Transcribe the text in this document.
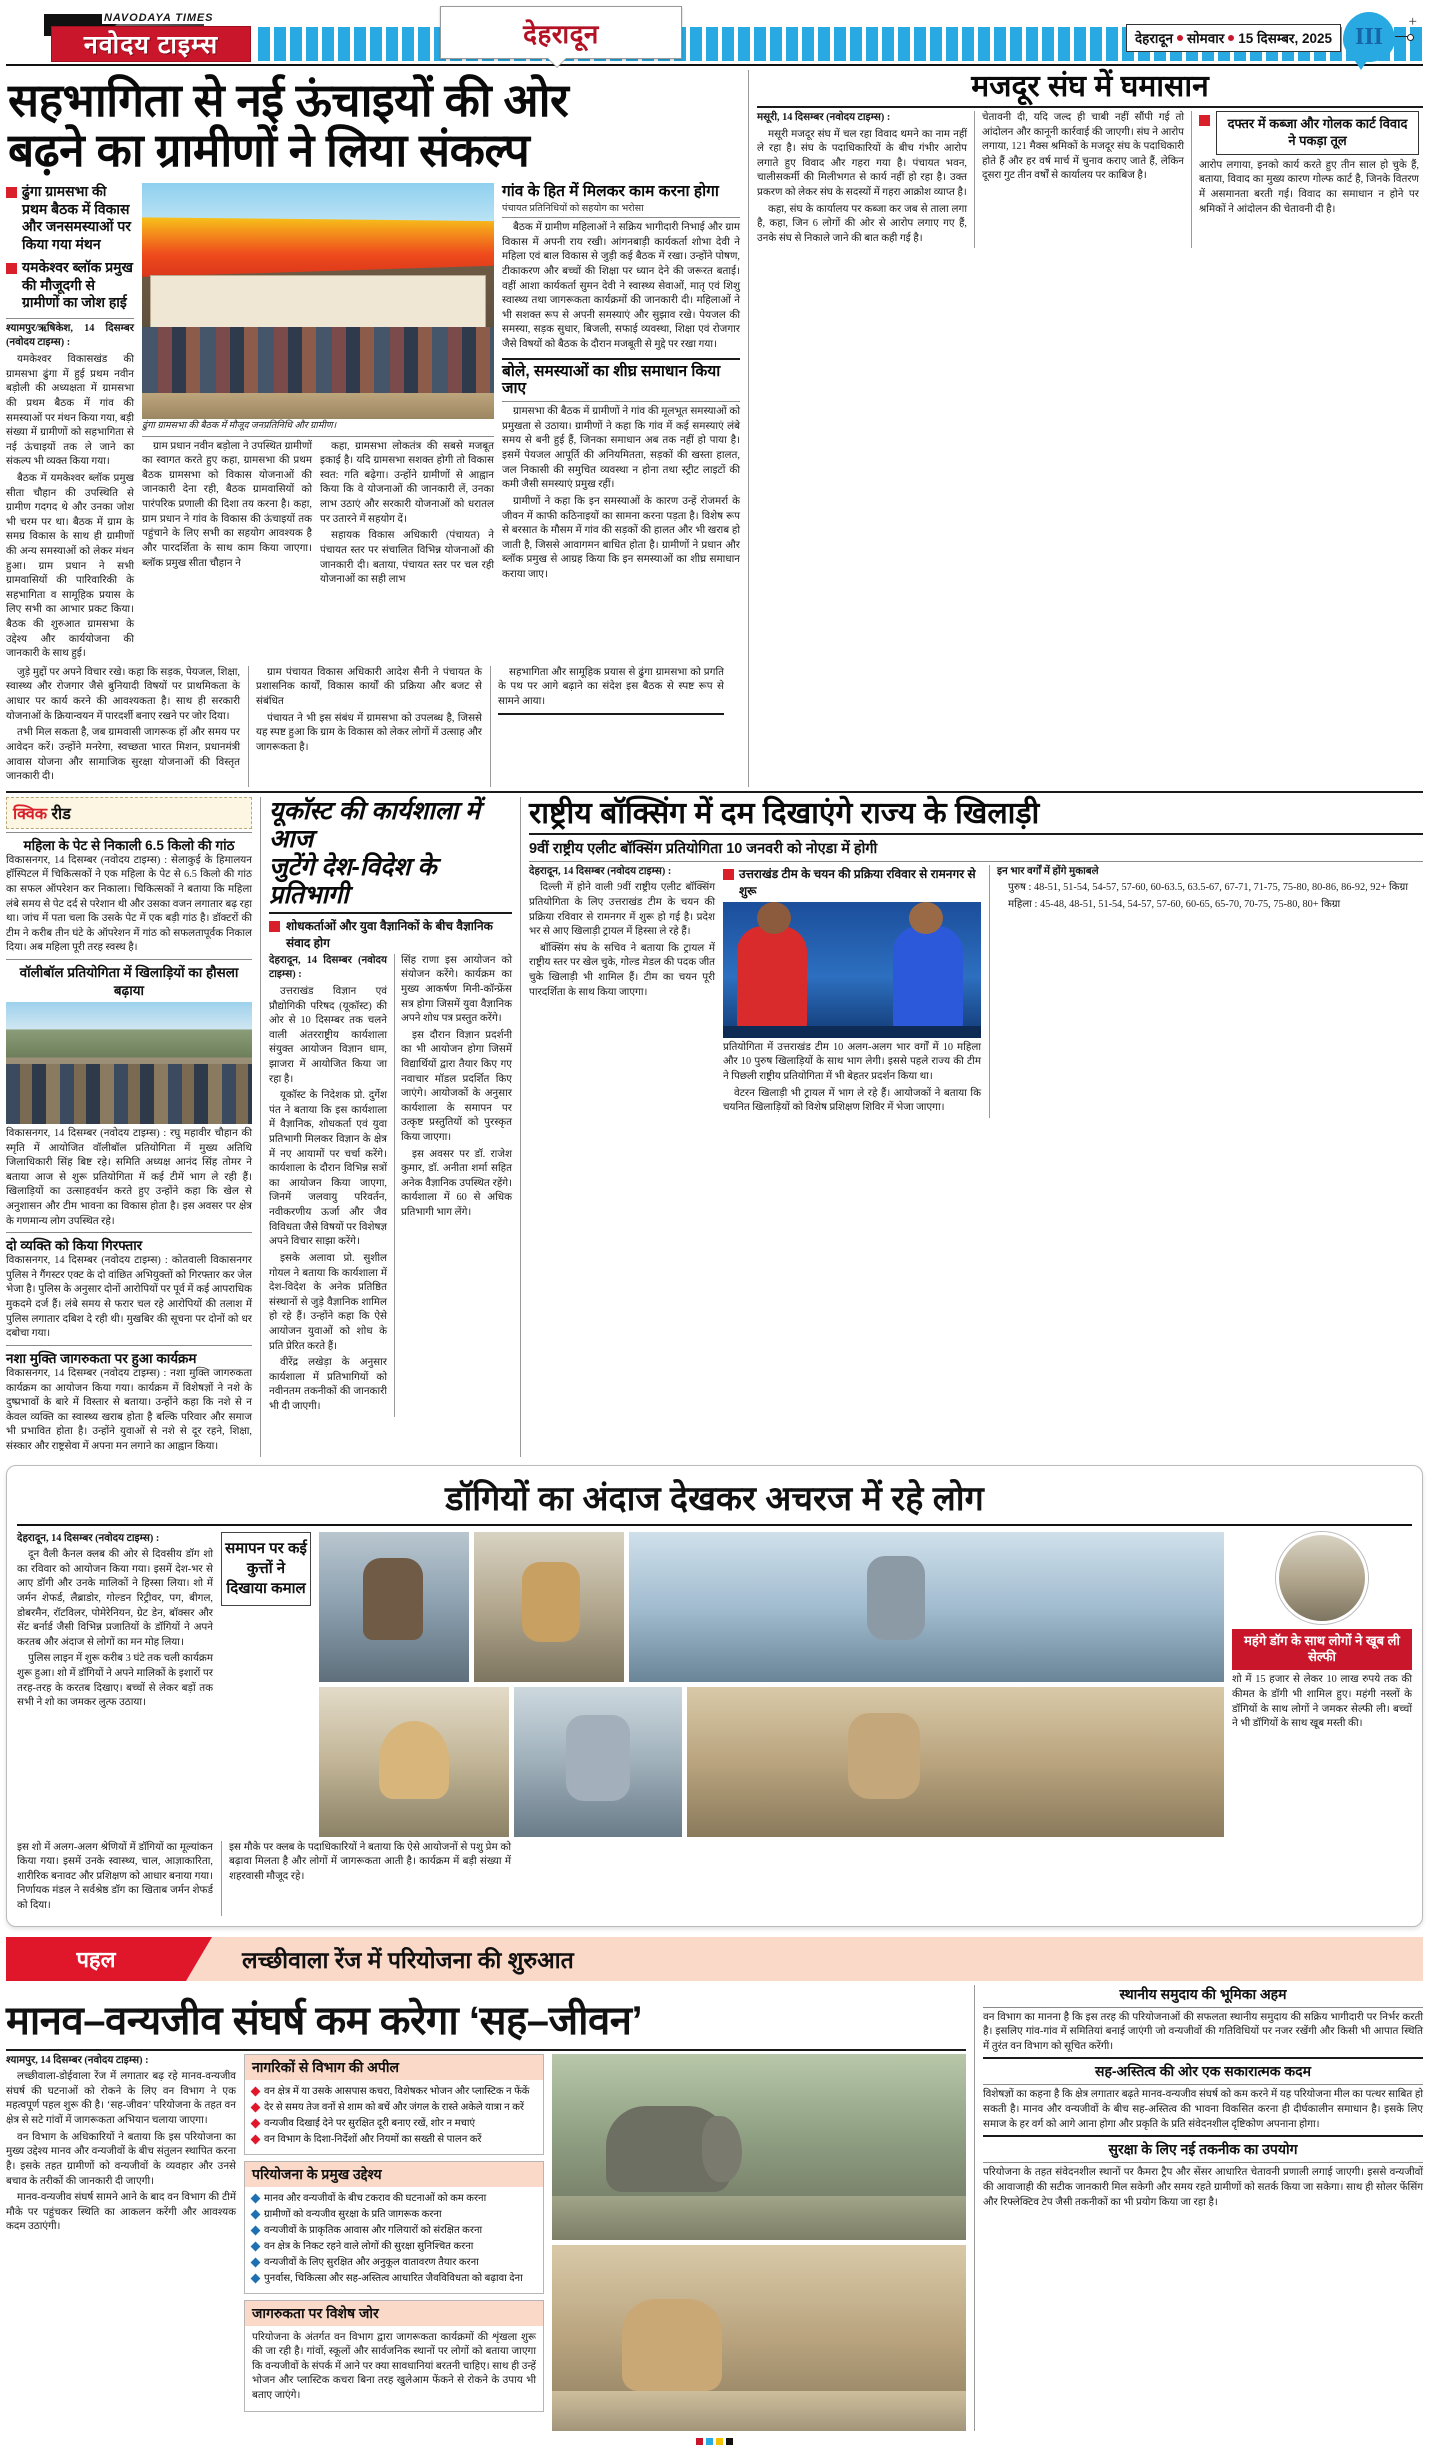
NAVODAYA TIMES
नवोदय टाइम्स	देहरादून	देहरादून सोमवार 15 दिसम्बर, 2025 III
+
सहभागिता से नई ऊंचाइयों की ओर
बढ़ने का ग्रामीणों ने लिया संकल्प
ढुंगा ग्रामसभा की प्रथम बैठक में विकास और जनसमस्याओं पर किया गया मंथन
यमकेश्वर ब्लॉक प्रमुख की मौजूदगी से ग्रामीणों का जोश हाई

श्यामपुर/ऋषिकेश, 14 दिसम्बर (नवोदय टाइम्स) :

यमकेश्वर विकासखंड की ग्रामसभा ढुंगा में हुई प्रथम नवीन बड़ोली की अध्यक्षता में ग्रामसभा की प्रथम बैठक में गांव की समस्याओं पर मंथन किया गया, बड़ी संख्या में ग्रामीणों को सहभागिता से नई ऊंचाइयों तक ले जाने का संकल्प भी व्यक्त किया गया।

बैठक में यमकेश्वर ब्लॉक प्रमुख सीता चौहान की उपस्थिति से ग्रामीण गदगद थे और उनका जोश भी चरम पर था। बैठक में ग्राम के समग्र विकास के साथ ही ग्रामीणों की अन्य समस्याओं को लेकर मंथन हुआ। ग्राम प्रधान ने सभी ग्रामवासियों की पारिवारिकी के सहभागिता व सामूहिक प्रयास के लिए सभी का आभार प्रकट किया। बैठक की शुरुआत ग्रामसभा के उद्देश्य और कार्ययोजना की जानकारी के साथ हुई।

ढुंगा ग्रामसभा की बैठक में मौजूद जनप्रतिनिधि और ग्रामीण।

ग्राम प्रधान नवीन बड़ोला ने उपस्थित ग्रामीणों का स्वागत करते हुए कहा, ग्रामसभा की प्रथम बैठक ग्रामसभा को विकास योजनाओं की जानकारी देना रही, बैठक ग्रामवासियों को पारंपरिक प्रणाली की दिशा तय करना है। कहा, ग्राम प्रधान ने गांव के विकास की ऊंचाइयों तक पहुंचाने के लिए सभी का सहयोग आवश्यक है और पारदर्शिता के साथ काम किया जाएगा। ब्लॉक प्रमुख सीता चौहान ने

कहा, ग्रामसभा लोकतंत्र की सबसे मजबूत इकाई है। यदि ग्रामसभा सशक्त होगी तो विकास स्वत: गति बढ़ेगा। उन्होंने ग्रामीणों से आह्वान किया कि वे योजनाओं की जानकारी लें, उनका लाभ उठाएं और सरकारी योजनाओं को धरातल पर उतारने में सहयोग दें।

सहायक विकास अधिकारी (पंचायत) ने पंचायत स्तर पर संचालित विभिन्न योजनाओं की जानकारी दी। बताया, पंचायत स्तर पर चल रही योजनाओं का सही लाभ

गांव के हित में मिलकर काम करना होगा
पंचायत प्रतिनिधियों को सहयोग का भरोसा

बैठक में ग्रामीण महिलाओं ने सक्रिय भागीदारी निभाई और ग्राम विकास में अपनी राय रखी। आंगनबाड़ी कार्यकर्ता शोभा देवी ने महिला एवं बाल विकास से जुड़ी कई बैठक में रखा। उन्होंने पोषण, टीकाकरण और बच्चों की शिक्षा पर ध्यान देने की जरूरत बताई। वहीं आशा कार्यकर्ता सुमन देवी ने स्वास्थ्य सेवाओं, मातृ एवं शिशु स्वास्थ्य तथा जागरूकता कार्यक्रमों की जानकारी दी। महिलाओं ने भी सशक्त रूप से अपनी समस्याएं और सुझाव रखे। पेयजल की समस्या, सड़क सुधार, बिजली, सफाई व्यवस्था, शिक्षा एवं रोजगार जैसे विषयों को बैठक के दौरान मजबूती से मुद्दे पर रखा गया।

बोले, समस्याओं का शीघ्र समाधान किया जाए

ग्रामसभा की बैठक में ग्रामीणों ने गांव की मूलभूत समस्याओं को प्रमुखता से उठाया। ग्रामीणों ने कहा कि गांव में कई समस्याएं लंबे समय से बनी हुई हैं, जिनका समाधान अब तक नहीं हो पाया है। इसमें पेयजल आपूर्ति की अनियमितता, सड़कों की खस्ता हालत, जल निकासी की समुचित व्यवस्था न होना तथा स्ट्रीट लाइटों की कमी जैसी समस्याएं प्रमुख रहीं।

ग्रामीणों ने कहा कि इन समस्याओं के कारण उन्हें रोजमर्रा के जीवन में काफी कठिनाइयों का सामना करना पड़ता है। विशेष रूप से बरसात के मौसम में गांव की सड़कों की हालत और भी खराब हो जाती है, जिससे आवागमन बाधित होता है। ग्रामीणों ने प्रधान और ब्लॉक प्रमुख से आग्रह किया कि इन समस्याओं का शीघ्र समाधान कराया जाए।

जुड़े मुद्दों पर अपने विचार रखे। कहा कि सड़क, पेयजल, शिक्षा, स्वास्थ्य और रोजगार जैसे बुनियादी विषयों पर प्राथमिकता के आधार पर कार्य करने की आवश्यकता है। साथ ही सरकारी योजनाओं के क्रियान्वयन में पारदर्शी बनाए रखने पर जोर दिया।

तभी मिल सकता है, जब ग्रामवासी जागरूक हों और समय पर आवेदन करें। उन्होंने मनरेगा, स्वच्छता भारत मिशन, प्रधानमंत्री आवास योजना और सामाजिक सुरक्षा योजनाओं की विस्तृत जानकारी दी।

ग्राम पंचायत विकास अधिकारी आदेश सैनी ने पंचायत के प्रशासनिक कार्यों, विकास कार्यों की प्रक्रिया और बजट से संबंधित

पंचायत ने भी इस संबंध में ग्रामसभा को उपलब्ध है, जिससे यह स्पष्ट हुआ कि ग्राम के विकास को लेकर लोगों में उत्साह और जागरूकता है।

सहभागिता और सामूहिक प्रयास से ढुंगा ग्रामसभा को प्रगति के पथ पर आगे बढ़ाने का संदेश इस बैठक से स्पष्ट रूप से सामने आया।

मजदूर संघ में घमासान

मसूरी, 14 दिसम्बर (नवोदय टाइम्स) :

मसूरी मजदूर संघ में चल रहा विवाद थमने का नाम नहीं ले रहा है। संघ के पदाधिकारियों के बीच गंभीर आरोप लगाते हुए विवाद और गहरा गया है। पंचायत भवन, चालीसकर्मी की मिलीभगत से कार्य नहीं हो रहा है। उक्त प्रकरण को लेकर संघ के सदस्यों में गहरा आक्रोश व्याप्त है।

कहा, संघ के कार्यालय पर कब्जा कर जब से ताला लगा है, कहा, जिन 6 लोगों की ओर से आरोप लगाए गए हैं, उनके संघ से निकाले जाने की बात कही गई है।

चेतावनी दी, यदि जल्द ही चाबी नहीं सौंपी गई तो आंदोलन और कानूनी कार्रवाई की जाएगी। संघ ने आरोप लगाया, 121 मैक्स श्रमिकों के मजदूर संघ के पदाधिकारी होते हैं और हर वर्ष मार्च में चुनाव कराए जाते हैं, लेकिन दूसरा गुट तीन वर्षों से कार्यालय पर काबिज है।

दफ्तर में कब्जा और गोलक कार्ट विवाद ने पकड़ा तूल

आरोप लगाया, इनको कार्य करते हुए तीन साल हो चुके हैं, बताया, विवाद का मुख्य कारण गोल्फ कार्ट है, जिनके वितरण में असमानता बरती गई। विवाद का समाधान न होने पर श्रमिकों ने आंदोलन की चेतावनी दी है।

क्विक रीड
महिला के पेट से निकाली 6.5 किलो की गांठ

विकासनगर, 14 दिसम्बर (नवोदय टाइम्स) : सेलाकुई के हिमालयन हॉस्पिटल में चिकित्सकों ने एक महिला के पेट से 6.5 किलो की गांठ का सफल ऑपरेशन कर निकाला। चिकित्सकों ने बताया कि महिला लंबे समय से पेट दर्द से परेशान थी और उसका वजन लगातार बढ़ रहा था। जांच में पता चला कि उसके पेट में एक बड़ी गांठ है। डॉक्टरों की टीम ने करीब तीन घंटे के ऑपरेशन में गांठ को सफलतापूर्वक निकाल दिया। अब महिला पूरी तरह स्वस्थ है।

वॉलीबॉल प्रतियोगिता में खिलाड़ियों का हौसला बढ़ाया

विकासनगर, 14 दिसम्बर (नवोदय टाइम्स) : रघु महावीर चौहान की स्मृति में आयोजित वॉलीबॉल प्रतियोगिता में मुख्य अतिथि जिलाधिकारी सिंह बिष्ट रहे। समिति अध्यक्ष आनंद सिंह तोमर ने बताया आज से शुरू प्रतियोगिता में कई टीमें भाग ले रही हैं। खिलाड़ियों का उत्साहवर्धन करते हुए उन्होंने कहा कि खेल से अनुशासन और टीम भावना का विकास होता है। इस अवसर पर क्षेत्र के गणमान्य लोग उपस्थित रहे।

दो व्यक्ति को किया गिरफ्तार

विकासनगर, 14 दिसम्बर (नवोदय टाइम्स) : कोतवाली विकासनगर पुलिस ने गैंगस्टर एक्ट के दो वांछित अभियुक्तों को गिरफ्तार कर जेल भेजा है। पुलिस के अनुसार दोनों आरोपियों पर पूर्व में कई आपराधिक मुकदमे दर्ज हैं। लंबे समय से फरार चल रहे आरोपियों की तलाश में पुलिस लगातार दबिश दे रही थी। मुखबिर की सूचना पर दोनों को धर दबोचा गया।

नशा मुक्ति जागरुकता पर हुआ कार्यक्रम

विकासनगर, 14 दिसम्बर (नवोदय टाइम्स) : नशा मुक्ति जागरुकता कार्यक्रम का आयोजन किया गया। कार्यक्रम में विशेषज्ञों ने नशे के दुष्प्रभावों के बारे में विस्तार से बताया। उन्होंने कहा कि नशे से न केवल व्यक्ति का स्वास्थ्य खराब होता है बल्कि परिवार और समाज भी प्रभावित होता है। उन्होंने युवाओं से नशे से दूर रहने, शिक्षा, संस्कार और राष्ट्रसेवा में अपना मन लगाने का आह्वान किया।

यूकॉस्ट की कार्यशाला में आज
जुटेंगे देश-विदेश के प्रतिभागी
शोधकर्ताओं और युवा वैज्ञानिकों के बीच वैज्ञानिक संवाद होग

देहरादून, 14 दिसम्बर (नवोदय टाइम्स) :

उत्तराखंड विज्ञान एवं प्रौद्योगिकी परिषद (यूकॉस्ट) की ओर से 10 दिसम्बर तक चलने वाली अंतरराष्ट्रीय कार्यशाला संयुक्त आयोजन विज्ञान धाम, झाजरा में आयोजित किया जा रहा है।

यूकॉस्ट के निदेशक प्रो. दुर्गेश पंत ने बताया कि इस कार्यशाला में वैज्ञानिक, शोधकर्ता एवं युवा प्रतिभागी मिलकर विज्ञान के क्षेत्र में नए आयामों पर चर्चा करेंगे। कार्यशाला के दौरान विभिन्न सत्रों का आयोजन किया जाएगा, जिनमें जलवायु परिवर्तन, नवीकरणीय ऊर्जा और जैव विविधता जैसे विषयों पर विशेषज्ञ अपने विचार साझा करेंगे।

इसके अलावा प्रो. सुशील गोयल ने बताया कि कार्यशाला में देश-विदेश के अनेक प्रतिष्ठित संस्थानों से जुड़े वैज्ञानिक शामिल हो रहे हैं। उन्होंने कहा कि ऐसे आयोजन युवाओं को शोध के प्रति प्रेरित करते हैं।

वीरेंद्र लखेड़ा के अनुसार कार्यशाला में प्रतिभागियों को नवीनतम तकनीकों की जानकारी भी दी जाएगी।

सिंह राणा इस आयोजन को संयोजन करेंगे। कार्यक्रम का मुख्य आकर्षण मिनी-कॉन्फ्रेंस सत्र होगा जिसमें युवा वैज्ञानिक अपने शोध पत्र प्रस्तुत करेंगे।

इस दौरान विज्ञान प्रदर्शनी का भी आयोजन होगा जिसमें विद्यार्थियों द्वारा तैयार किए गए नवाचार मॉडल प्रदर्शित किए जाएंगे। आयोजकों के अनुसार कार्यशाला के समापन पर उत्कृष्ट प्रस्तुतियों को पुरस्कृत किया जाएगा।

इस अवसर पर डॉ. राजेश कुमार, डॉ. अनीता शर्मा सहित अनेक वैज्ञानिक उपस्थित रहेंगे। कार्यशाला में 60 से अधिक प्रतिभागी भाग लेंगे।

राष्ट्रीय बॉक्सिंग में दम दिखाएंगे राज्य के खिलाड़ी
9वीं राष्ट्रीय एलीट बॉक्सिंग प्रतियोगिता 10 जनवरी को नोएडा में होगी

देहरादून, 14 दिसम्बर (नवोदय टाइम्स) :

दिल्ली में होने वाली 9वीं राष्ट्रीय एलीट बॉक्सिंग प्रतियोगिता के लिए उत्तराखंड टीम के चयन की प्रक्रिया रविवार से रामनगर में शुरू हो गई है। प्रदेश भर से आए खिलाड़ी ट्रायल में हिस्सा ले रहे हैं।

बॉक्सिंग संघ के सचिव ने बताया कि ट्रायल में राष्ट्रीय स्तर पर खेल चुके, गोल्ड मेडल की पदक जीत चुके खिलाड़ी भी शामिल हैं। टीम का चयन पूरी पारदर्शिता के साथ किया जाएगा।

उत्तराखंड टीम के चयन की प्रक्रिया रविवार से रामनगर से शुरू

प्रतियोगिता में उत्तराखंड टीम 10 अलग-अलग भार वर्गों में 10 महिला और 10 पुरुष खिलाड़ियों के साथ भाग लेगी। इससे पहले राज्य की टीम ने पिछली राष्ट्रीय प्रतियोगिता में भी बेहतर प्रदर्शन किया था।

वेटरन खिलाड़ी भी ट्रायल में भाग ले रहे हैं। आयोजकों ने बताया कि चयनित खिलाड़ियों को विशेष प्रशिक्षण शिविर में भेजा जाएगा।

इन भार वर्गों में होंगे मुकाबले

पुरुष : 48-51, 51-54, 54-57, 57-60, 60-63.5, 63.5-67, 67-71, 71-75, 75-80, 80-86, 86-92, 92+ किग्रा

महिला : 45-48, 48-51, 51-54, 54-57, 57-60, 60-65, 65-70, 70-75, 75-80, 80+ किग्रा

डॉगियों का अंदाज देखकर अचरज में रहे लोग

देहरादून, 14 दिसम्बर (नवोदय टाइम्स) :

दून वैली कैनल क्लब की ओर से दिवसीय डॉग शो का रविवार को आयोजन किया गया। इसमें देश-भर से आए डॉगी और उनके मालिकों ने हिस्सा लिया। शो में जर्मन शेफर्ड, लैब्राडोर, गोल्डन रिट्रीवर, पग, बीगल, डोबरमैन, रॉटविलर, पोमेरेनियन, ग्रेट डेन, बॉक्सर और सेंट बर्नार्ड जैसी विभिन्न प्रजातियों के डॉगियों ने अपने करतब और अंदाज से लोगों का मन मोह लिया।

पुलिस लाइन में शुरू करीब 3 घंटे तक चली कार्यक्रम शुरू हुआ। शो में डॉगियों ने अपने मालिकों के इशारों पर तरह-तरह के करतब दिखाए। बच्चों से लेकर बड़ों तक सभी ने शो का जमकर लुत्फ उठाया।

समापन पर कई कुत्तों ने दिखाया कमाल
महंगे डॉग के साथ लोगों ने खूब ली सेल्फी

शो में 15 हजार से लेकर 10 लाख रुपये तक की कीमत के डॉगी भी शामिल हुए। महंगी नस्लों के डॉगियों के साथ लोगों ने जमकर सेल्फी ली। बच्चों ने भी डॉगियों के साथ खूब मस्ती की।

इस शो में अलग-अलग श्रेणियों में डॉगियों का मूल्यांकन किया गया। इसमें उनके स्वास्थ्य, चाल, आज्ञाकारिता, शारीरिक बनावट और प्रशिक्षण को आधार बनाया गया। निर्णायक मंडल ने सर्वश्रेष्ठ डॉग का खिताब जर्मन शेफर्ड को दिया।

इस मौके पर क्लब के पदाधिकारियों ने बताया कि ऐसे आयोजनों से पशु प्रेम को बढ़ावा मिलता है और लोगों में जागरूकता आती है। कार्यक्रम में बड़ी संख्या में शहरवासी मौजूद रहे।

पहल	लच्छीवाला रेंज में परियोजना की शुरुआत
मानव–वन्यजीव संघर्ष कम करेगा ‘सह–जीवन’

श्यामपुर, 14 दिसम्बर (नवोदय टाइम्स) :

लच्छीवाला-डोईवाला रेंज में लगातार बढ़ रहे मानव-वन्यजीव संघर्ष की घटनाओं को रोकने के लिए वन विभाग ने एक महत्वपूर्ण पहल शुरू की है। ‘सह-जीवन’ परियोजना के तहत वन क्षेत्र से सटे गांवों में जागरूकता अभियान चलाया जाएगा।

वन विभाग के अधिकारियों ने बताया कि इस परियोजना का मुख्य उद्देश्य मानव और वन्यजीवों के बीच संतुलन स्थापित करना है। इसके तहत ग्रामीणों को वन्यजीवों के व्यवहार और उनसे बचाव के तरीकों की जानकारी दी जाएगी।

मानव-वन्यजीव संघर्ष सामने आने के बाद वन विभाग की टीमें मौके पर पहुंचकर स्थिति का आकलन करेंगी और आवश्यक कदम उठाएंगी।

नागरिकों से विभाग की अपील
वन क्षेत्र में या उसके आसपास कचरा, विशेषकर भोजन और प्लास्टिक न फेंकें
देर से समय तेज वनों से शाम को बचें और जंगल के रास्ते अकेले यात्रा न करें
वन्यजीव दिखाई देने पर सुरक्षित दूरी बनाए रखें, शोर न मचाएं
वन विभाग के दिशा-निर्देशों और नियमों का सख्ती से पालन करें
परियोजना के प्रमुख उद्देश्य
मानव और वन्यजीवों के बीच टकराव की घटनाओं को कम करना
ग्रामीणों को वन्यजीव सुरक्षा के प्रति जागरूक करना
वन्यजीवों के प्राकृतिक आवास और गलियारों को संरक्षित करना
वन क्षेत्र के निकट रहने वाले लोगों की सुरक्षा सुनिश्चित करना
वन्यजीवों के लिए सुरक्षित और अनुकूल वातावरण तैयार करना
पुनर्वास, चिकित्सा और सह-अस्तित्व आधारित जैवविविधता को बढ़ावा देना
जागरुकता पर विशेष जोर

परियोजना के अंतर्गत वन विभाग द्वारा जागरूकता कार्यक्रमों की शृंखला शुरू की जा रही है। गांवों, स्कूलों और सार्वजनिक स्थानों पर लोगों को बताया जाएगा कि वन्यजीवों के संपर्क में आने पर क्या सावधानियां बरतनी चाहिए। साथ ही उन्हें भोजन और प्लास्टिक कचरा बिना तरह खुलेआम फेंकने से रोकने के उपाय भी बताए जाएंगे।

स्थानीय समुदाय की भूमिका अहम

वन विभाग का मानना है कि इस तरह की परियोजनाओं की सफलता स्थानीय समुदाय की सक्रिय भागीदारी पर निर्भर करती है। इसलिए गांव-गांव में समितियां बनाई जाएंगी जो वन्यजीवों की गतिविधियों पर नजर रखेंगी और किसी भी आपात स्थिति में तुरंत वन विभाग को सूचित करेंगी।

सह-अस्तित्व की ओर एक सकारात्मक कदम

विशेषज्ञों का कहना है कि क्षेत्र लगातार बढ़ते मानव-वन्यजीव संघर्ष को कम करने में यह परियोजना मील का पत्थर साबित हो सकती है। मानव और वन्यजीवों के बीच सह-अस्तित्व की भावना विकसित करना ही दीर्घकालीन समाधान है। इसके लिए समाज के हर वर्ग को आगे आना होगा और प्रकृति के प्रति संवेदनशील दृष्टिकोण अपनाना होगा।

सुरक्षा के लिए नई तकनीक का उपयोग

परियोजना के तहत संवेदनशील स्थानों पर कैमरा ट्रैप और सेंसर आधारित चेतावनी प्रणाली लगाई जाएगी। इससे वन्यजीवों की आवाजाही की सटीक जानकारी मिल सकेगी और समय रहते ग्रामीणों को सतर्क किया जा सकेगा। साथ ही सोलर फेंसिंग और रिफ्लेक्टिव टेप जैसी तकनीकों का भी प्रयोग किया जा रहा है।
